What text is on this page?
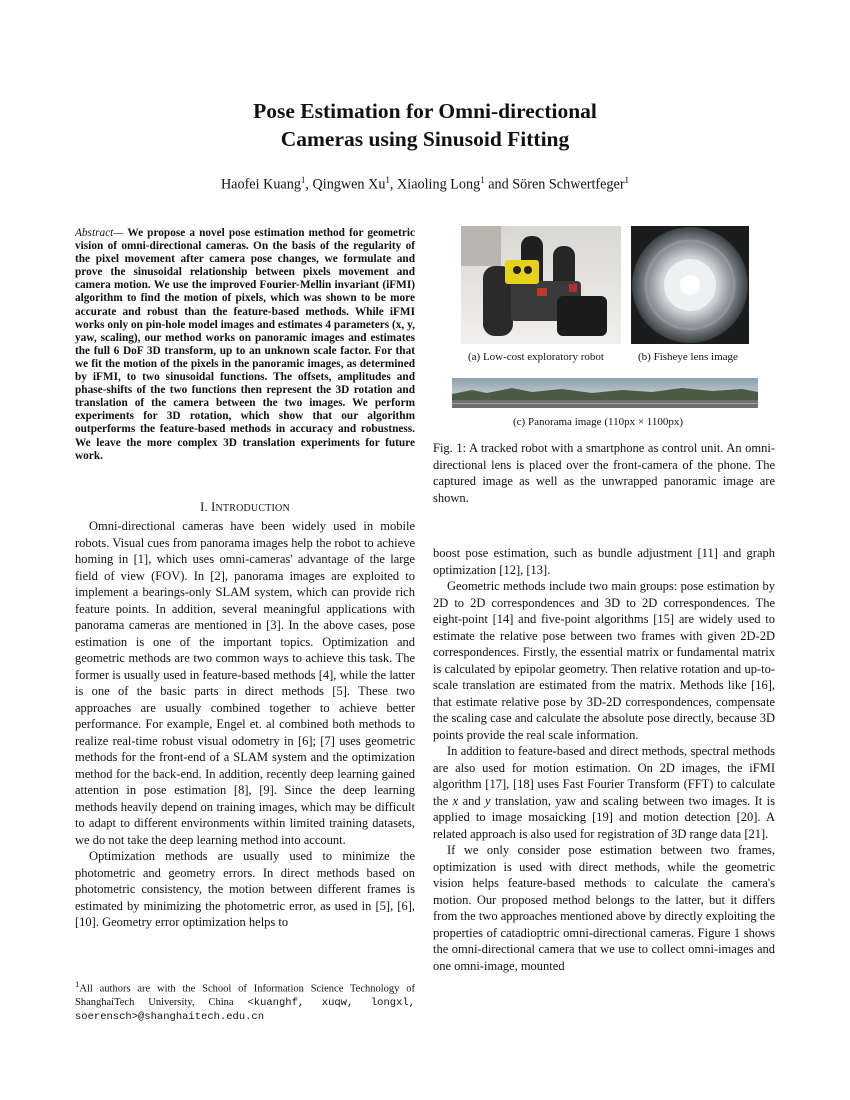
Pose Estimation for Omni-directional
Cameras using Sinusoid Fitting
Haofei Kuang$^1$, Qingwen Xu$^1$, Xiaoling Long$^1$ and Sören Schwertfeger$^1$
Abstract— We propose a novel pose estimation method for geometric vision of omni-directional cameras. On the basis of the regularity of the pixel movement after camera pose changes, we formulate and prove the sinusoidal relationship between pixels movement and camera motion. We use the improved Fourier-Mellin invariant (iFMI) algorithm to find the motion of pixels, which was shown to be more accurate and robust than the feature-based methods. While iFMI works only on pin-hole model images and estimates 4 parameters (x, y, yaw, scaling), our method works on panoramic images and estimates the full 6 DoF 3D transform, up to an unknown scale factor. For that we fit the motion of the pixels in the panoramic images, as determined by iFMI, to two sinusoidal functions. The offsets, amplitudes and phase-shifts of the two functions then represent the 3D rotation and translation of the camera between the two images. We perform experiments for 3D rotation, which show that our algorithm outperforms the feature-based methods in accuracy and robustness. We leave the more complex 3D translation experiments for future work.
I. INTRODUCTION

Omni-directional cameras have been widely used in mobile robots. Visual cues from panorama images help the robot to achieve homing in [1], which uses omni-cameras' advantage of the large field of view (FOV). In [2], panorama images are exploited to implement a bearings-only SLAM system, which can provide rich feature points. In addition, several meaningful applications with panorama cameras are mentioned in [3]. In the above cases, pose estimation is one of the important topics. Optimization and geometric methods are two common ways to achieve this task. The former is usually used in feature-based methods [4], while the latter is one of the basic parts in direct methods [5]. These two approaches are usually combined together to achieve better performance. For example, Engel et. al combined both methods to realize real-time robust visual odometry in [6]; [7] uses geometric methods for the front-end of a SLAM system and the optimization method for the back-end. In addition, recently deep learning gained attention in pose estimation [8], [9]. Since the deep learning methods heavily depend on training images, which may be difficult to adapt to different environments within limited training datasets, we do not take the deep learning method into account.

Optimization methods are usually used to minimize the photometric and geometry errors. In direct methods based on photometric consistency, the motion between different frames is estimated by minimizing the photometric error, as used in [5], [6], [10]. Geometry error optimization helps to

$^1$All authors are with the School of Information Science Technology of ShanghaiTech University, China <kuanghf, xuqw, longxl, soerensch>@shanghaitech.edu.cn
(a) Low-cost exploratory robot	(b) Fisheye lens image
(c) Panorama image (110px × 1100px)
Fig. 1: A tracked robot with a smartphone as control unit. An omni-directional lens is placed over the front-camera of the phone. The captured image as well as the unwrapped panoramic image are shown.

boost pose estimation, such as bundle adjustment [11] and graph optimization [12], [13].

Geometric methods include two main groups: pose estimation by 2D to 2D correspondences and 3D to 2D correspondences. The eight-point [14] and five-point algorithms [15] are widely used to estimate the relative pose between two frames with given 2D-2D correspondences. Firstly, the essential matrix or fundamental matrix is calculated by epipolar geometry. Then relative rotation and up-to-scale translation are estimated from the matrix. Methods like [16], that estimate relative pose by 3D-2D correspondences, compensate the scaling case and calculate the absolute pose directly, because 3D points provide the real scale information.

In addition to feature-based and direct methods, spectral methods are also used for motion estimation. On 2D images, the iFMI algorithm [17], [18] uses Fast Fourier Transform (FFT) to calculate the x and y translation, yaw and scaling between two images. It is applied to image mosaicking [19] and motion detection [20]. A related approach is also used for registration of 3D range data [21].

If we only consider pose estimation between two frames, optimization is used with direct methods, while the geometric vision helps feature-based methods to calculate the camera's motion. Our proposed method belongs to the latter, but it differs from the two approaches mentioned above by directly exploiting the properties of catadioptric omni-directional cameras. Figure 1 shows the omni-directional camera that we use to collect omni-images and one omni-image, mounted
